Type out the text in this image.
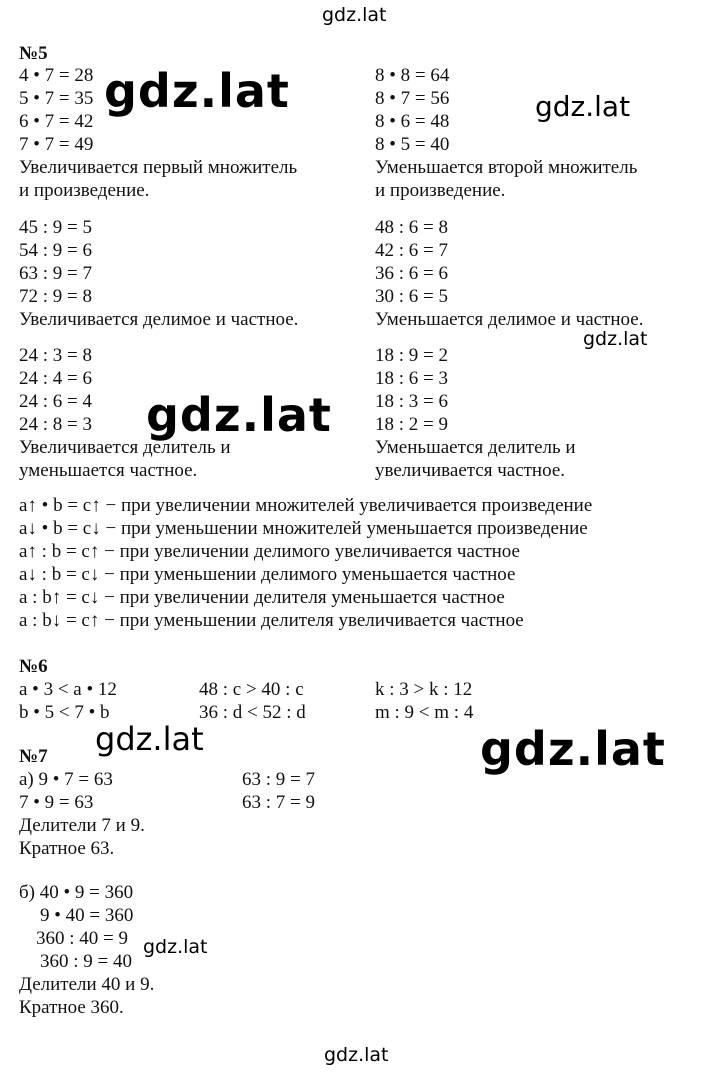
№5
4 • 7 = 28
5 • 7 = 35
6 • 7 = 42
7 • 7 = 49
Увеличивается первый множитель
и произведение.
8 • 8 = 64
8 • 7 = 56
8 • 6 = 48
8 • 5 = 40
Уменьшается второй множитель
и произведение.
45 : 9 = 5
54 : 9 = 6
63 : 9 = 7
72 : 9 = 8
Увеличивается делимое и частное.
48 : 6 = 8
42 : 6 = 7
36 : 6 = 6
30 : 6 = 5
Уменьшается делимое и частное.
24 : 3 = 8
24 : 4 = 6
24 : 6 = 4
24 : 8 = 3
Увеличивается делитель и
уменьшается частное.
18 : 9 = 2
18 : 6 = 3
18 : 3 = 6
18 : 2 = 9
Уменьшается делитель и
увеличивается частное.
a↑ • b = c↑ − при увеличении множителей увеличивается произведение
a↓ • b = c↓ − при уменьшении множителей уменьшается произведение
a↑ : b = c↑ − при увеличении делимого увеличивается частное
a↓ : b = c↓ − при уменьшении делимого уменьшается частное
a : b↑ = c↓ − при увеличении делителя уменьшается частное
a : b↓ = c↑ − при уменьшении делителя увеличивается частное
№6
a • 3 < a • 12	48 : c > 40 : c	k : 3 > k : 12
b • 5 < 7 • b	36 : d < 52 : d	m : 9 < m : 4
№7
а) 9 • 7 = 63	63 : 9 = 7
7 • 9 = 63	63 : 7 = 9
Делители 7 и 9.
Кратное 63.
б) 40 • 9 = 360
9 • 40 = 360
360 : 40 = 9
360 : 9 = 40
Делители 40 и 9.
Кратное 360.
gdz.lat
gdz.lat	gdz.lat
gdz.lat
gdz.lat
gdz.lat	gdz.lat
gdz.lat
gdz.lat
